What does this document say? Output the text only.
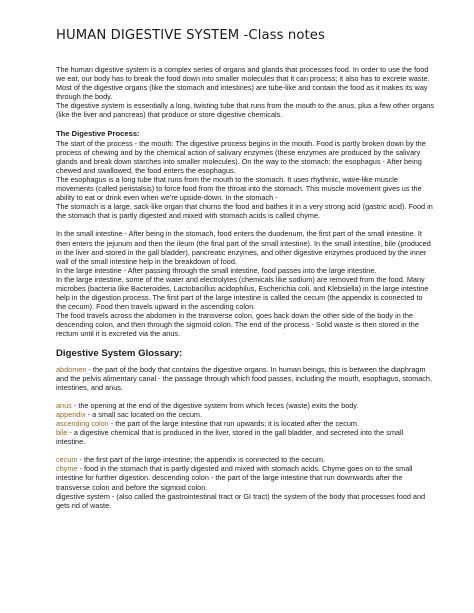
HUMAN DIGESTIVE SYSTEM -Class notes

The human digestive system is a complex series of organs and glands that processes food. In order to use the food we eat, our body has to break the food down into smaller molecules that it can process; it also has to excrete waste. Most of the digestive organs (like the stomach and intestines) are tube-like and contain the food as it makes its way through the body.

The digestive system is essentially a long, twisting tube that runs from the mouth to the anus, plus a few other organs (like the liver and pancreas) that produce or store digestive chemicals.

The Digestive Process:

The start of the process - the mouth: The digestive process begins in the mouth. Food is partly broken down by the process of chewing and by the chemical action of salivary enzymes (these enzymes are produced by the salivary glands and break down starches into smaller molecules). On the way to the stomach: the esophagus - After being chewed and swallowed, the food enters the esophagus.

The esophagus is a long tube that runs from the mouth to the stomach. It uses rhythmic, wave-like muscle movements (called peristalsis) to force food from the throat into the stomach. This muscle movement gives us the ability to eat or drink even when we're upside-down. In the stomach -

The stomach is a large, sack-like organ that churns the food and bathes it in a very strong acid (gastric acid). Food in the stomach that is partly digested and mixed with stomach acids is called chyme.

In the small intestine - After being in the stomach, food enters the duodenum, the first part of the small intestine. It then enters the jejunum and then the ileum (the final part of the small intestine). In the small intestine, bile (produced in the liver and stored in the gall bladder), pancreatic enzymes, and other digestive enzymes produced by the inner wall of the small intestine help in the breakdown of food.

In the large intestine - After passing through the small intestine, food passes into the large intestine.

In the large intestine, some of the water and electrolytes (chemicals like sodium) are removed from the food. Many microbes (bacteria like Bacteroides, Lactobacillus acidophilus, Escherichia coli, and Klebsiella) in the large intestine help in the digestion process. The first part of the large intestine is called the cecum (the appendix is connected to the cecum). Food then travels upward in the ascending colon.

The food travels across the abdomen in the transverse colon, goes back down the other side of the body in the descending colon, and then through the sigmoid colon. The end of the process - Solid waste is then stored in the rectum until it is excreted via the anus.

Digestive System Glossary:

abdomen - the part of the body that contains the digestive organs. In human beings, this is between the diaphragm and the pelvis alimentary canal - the passage through which food passes, including the mouth, esophagus, stomach, intestines, and anus.

anus - the opening at the end of the digestive system from which feces (waste) exits the body.

appendix - a small sac located on the cecum.

ascending colon - the part of the large intestine that run upwards; it is located after the cecum.

bile - a digestive chemical that is produced in the liver, stored in the gall bladder, and secreted into the small intestine.

cecum - the first part of the large intestine; the appendix is connected to the cecum.

chyme - food in the stomach that is partly digested and mixed with stomach acids. Chyme goes on to the small intestine for further digestion. descending colon - the part of the large intestine that run downwards after the transverse colon and before the sigmoid colon.

digestive system - (also called the gastrointestinal tract or GI tract) the system of the body that processes food and gets rid of waste.
